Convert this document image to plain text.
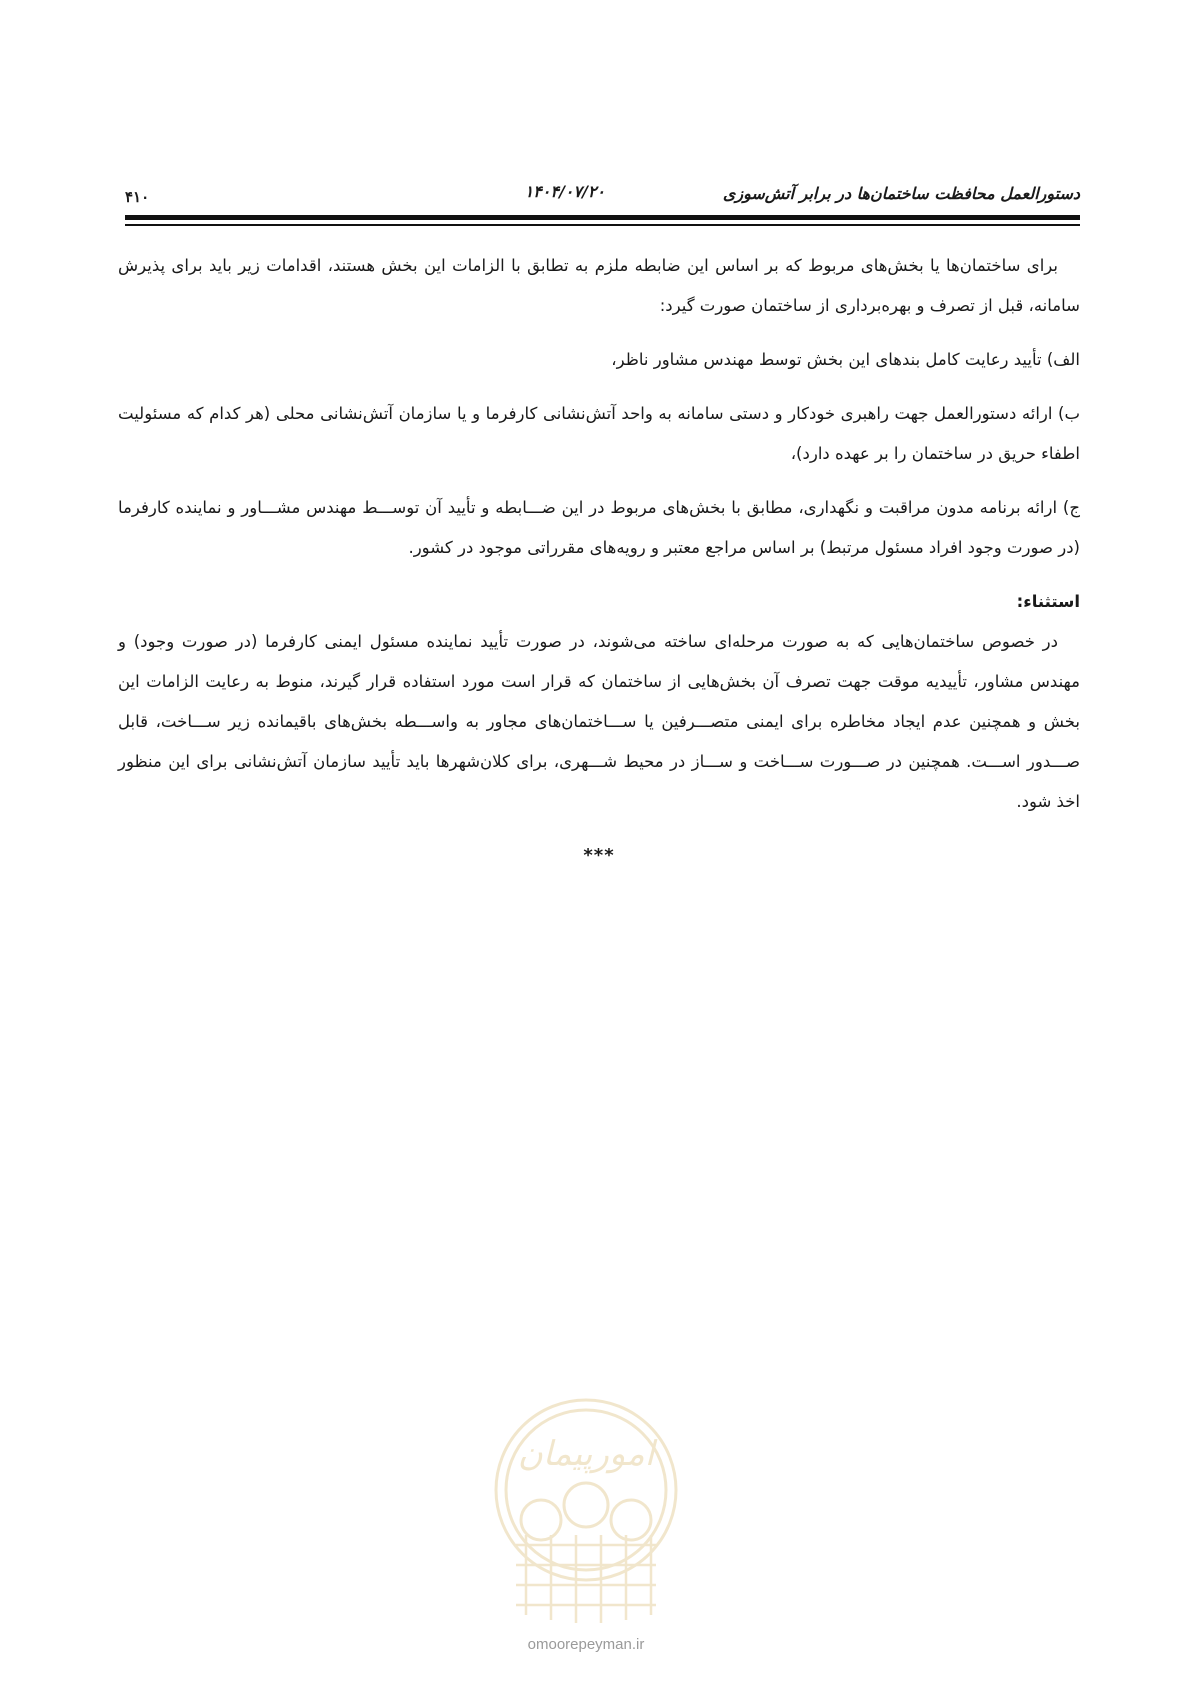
دستورالعمل محافظت ساختمان‌ها در برابر آتش‌سوزی
۱۴۰۴/۰۷/۲۰
۴۱۰

برای ساختمان‌ها یا بخش‌های مربوط که بر اساس این ضابطه ملزم به تطابق با الزامات این بخش هستند، اقدامات زیر باید برای پذیرش سامانه، قبل از تصرف و بهره‌برداری از ساختمان صورت گیرد:

الف) تأیید رعایت کامل بندهای این بخش توسط مهندس مشاور ناظر،

ب) ارائه دستورالعمل جهت راهبری خودکار و دستی سامانه به واحد آتش‌نشانی کارفرما و یا سازمان آتش‌نشانی محلی (هر کدام که مسئولیت اطفاء حریق در ساختمان را بر عهده دارد)،

ج) ارائه برنامه مدون مراقبت و نگهداری، مطابق با بخش‌های مربوط در این ضـــابطه و تأیید آن توســـط مهندس مشـــاور و نماینده کارفرما (در صورت وجود افراد مسئول مرتبط) بر اساس مراجع معتبر و رویه‌های مقرراتی موجود در کشور.

استثناء:

در خصوص ساختمان‌هایی که به صورت مرحله‌ای ساخته می‌شوند، در صورت تأیید نماینده مسئول ایمنی کارفرما (در صورت وجود) و مهندس مشاور، تأییدیه موقت جهت تصرف آن بخش‌هایی از ساختمان که قرار است مورد استفاده قرار گیرند، منوط به رعایت الزامات این بخش و همچنین عدم ایجاد مخاطره برای ایمنی متصـــرفین یا ســـاختمان‌های مجاور به واســـطه بخش‌های باقیمانده زیر ســـاخت، قابل صـــدور اســـت. همچنین در صـــورت ســـاخت و ســـاز در محیط شـــهری، برای کلان‌شهرها باید تأیید سازمان آتش‌نشانی برای این منظور اخذ شود.

***
امورپیمان
omoorepeyman.ir
